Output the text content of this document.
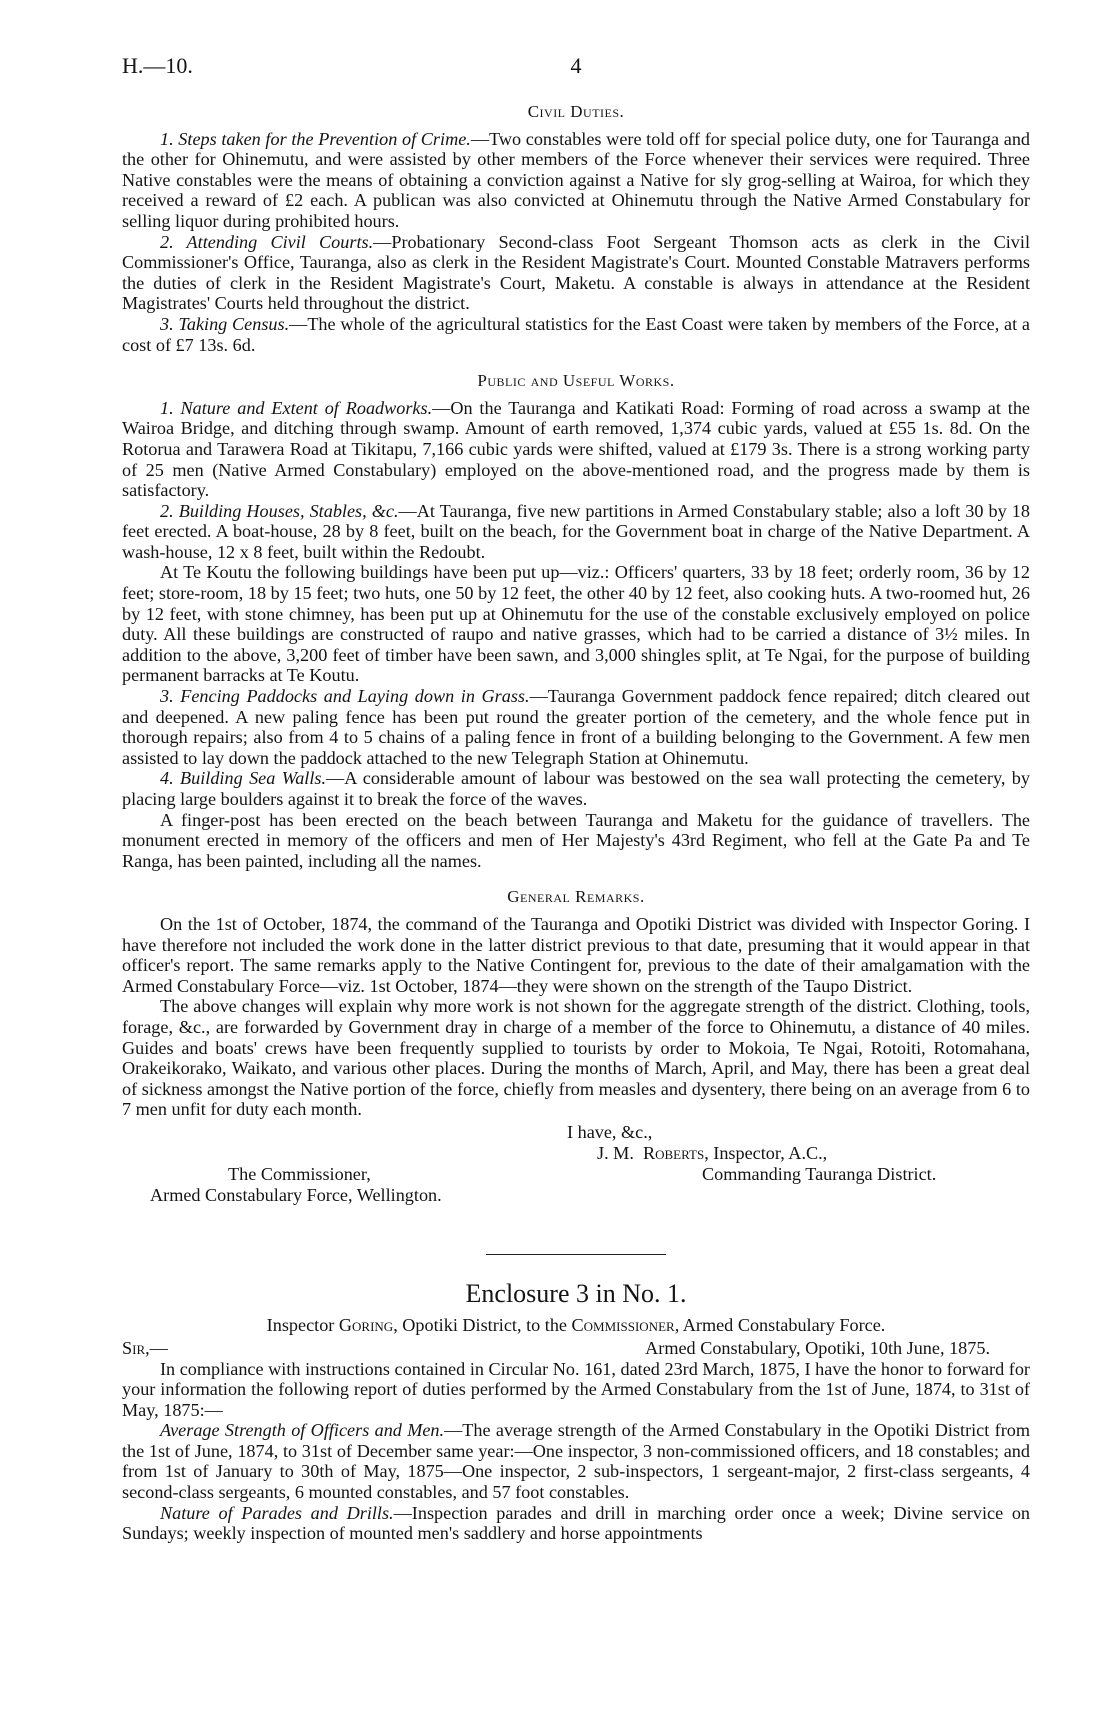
H.—10.	4
Civil Duties.

1. Steps taken for the Prevention of Crime.—Two constables were told off for special police duty, one for Tauranga and the other for Ohinemutu, and were assisted by other members of the Force whenever their services were required. Three Native constables were the means of obtaining a conviction against a Native for sly grog-selling at Wairoa, for which they received a reward of £2 each. A publican was also convicted at Ohinemutu through the Native Armed Constabulary for selling liquor during prohibited hours.

2. Attending Civil Courts.—Probationary Second-class Foot Sergeant Thomson acts as clerk in the Civil Commissioner's Office, Tauranga, also as clerk in the Resident Magistrate's Court. Mounted Constable Matravers performs the duties of clerk in the Resident Magistrate's Court, Maketu. A constable is always in attendance at the Resident Magistrates' Courts held throughout the district.

3. Taking Census.—The whole of the agricultural statistics for the East Coast were taken by members of the Force, at a cost of £7 13s. 6d.

Public and Useful Works.

1. Nature and Extent of Roadworks.—On the Tauranga and Katikati Road: Forming of road across a swamp at the Wairoa Bridge, and ditching through swamp. Amount of earth removed, 1,374 cubic yards, valued at £55 1s. 8d. On the Rotorua and Tarawera Road at Tikitapu, 7,166 cubic yards were shifted, valued at £179 3s. There is a strong working party of 25 men (Native Armed Constabulary) employed on the above-mentioned road, and the progress made by them is satisfactory.

2. Building Houses, Stables, &c.—At Tauranga, five new partitions in Armed Constabulary stable; also a loft 30 by 18 feet erected. A boat-house, 28 by 8 feet, built on the beach, for the Government boat in charge of the Native Department. A wash-house, 12 x 8 feet, built within the Redoubt.

At Te Koutu the following buildings have been put up—viz.: Officers' quarters, 33 by 18 feet; orderly room, 36 by 12 feet; store-room, 18 by 15 feet; two huts, one 50 by 12 feet, the other 40 by 12 feet, also cooking huts. A two-roomed hut, 26 by 12 feet, with stone chimney, has been put up at Ohinemutu for the use of the constable exclusively employed on police duty. All these buildings are constructed of raupo and native grasses, which had to be carried a distance of 3½ miles. In addition to the above, 3,200 feet of timber have been sawn, and 3,000 shingles split, at Te Ngai, for the purpose of building permanent barracks at Te Koutu.

3. Fencing Paddocks and Laying down in Grass.—Tauranga Government paddock fence repaired; ditch cleared out and deepened. A new paling fence has been put round the greater portion of the cemetery, and the whole fence put in thorough repairs; also from 4 to 5 chains of a paling fence in front of a building belonging to the Government. A few men assisted to lay down the paddock attached to the new Telegraph Station at Ohinemutu.

4. Building Sea Walls.—A considerable amount of labour was bestowed on the sea wall protecting the cemetery, by placing large boulders against it to break the force of the waves.

A finger-post has been erected on the beach between Tauranga and Maketu for the guidance of travellers. The monument erected in memory of the officers and men of Her Majesty's 43rd Regiment, who fell at the Gate Pa and Te Ranga, has been painted, including all the names.

General Remarks.

On the 1st of October, 1874, the command of the Tauranga and Opotiki District was divided with Inspector Goring. I have therefore not included the work done in the latter district previous to that date, presuming that it would appear in that officer's report. The same remarks apply to the Native Contingent for, previous to the date of their amalgamation with the Armed Constabulary Force—viz. 1st October, 1874—they were shown on the strength of the Taupo District.

The above changes will explain why more work is not shown for the aggregate strength of the district. Clothing, tools, forage, &c., are forwarded by Government dray in charge of a member of the force to Ohinemutu, a distance of 40 miles. Guides and boats' crews have been frequently supplied to tourists by order to Mokoia, Te Ngai, Rotoiti, Rotomahana, Orakeikorako, Waikato, and various other places. During the months of March, April, and May, there has been a great deal of sickness amongst the Native portion of the force, chiefly from measles and dysentery, there being on an average from 6 to 7 men unfit for duty each month.

I have, &c.,
J. M. Roberts, Inspector, A.C.,
The Commissioner,	Commanding Tauranga District.
Armed Constabulary Force, Wellington.
Enclosure 3 in No. 1.
Inspector Goring, Opotiki District, to the Commissioner, Armed Constabulary Force.
Sir,—	Armed Constabulary, Opotiki, 10th June, 1875.

In compliance with instructions contained in Circular No. 161, dated 23rd March, 1875, I have the honor to forward for your information the following report of duties performed by the Armed Constabulary from the 1st of June, 1874, to 31st of May, 1875:—

Average Strength of Officers and Men.—The average strength of the Armed Constabulary in the Opotiki District from the 1st of June, 1874, to 31st of December same year:—One inspector, 3 non-commissioned officers, and 18 constables; and from 1st of January to 30th of May, 1875—One inspector, 2 sub-inspectors, 1 sergeant-major, 2 first-class sergeants, 4 second-class sergeants, 6 mounted constables, and 57 foot constables.

Nature of Parades and Drills.—Inspection parades and drill in marching order once a week; Divine service on Sundays; weekly inspection of mounted men's saddlery and horse appointments
